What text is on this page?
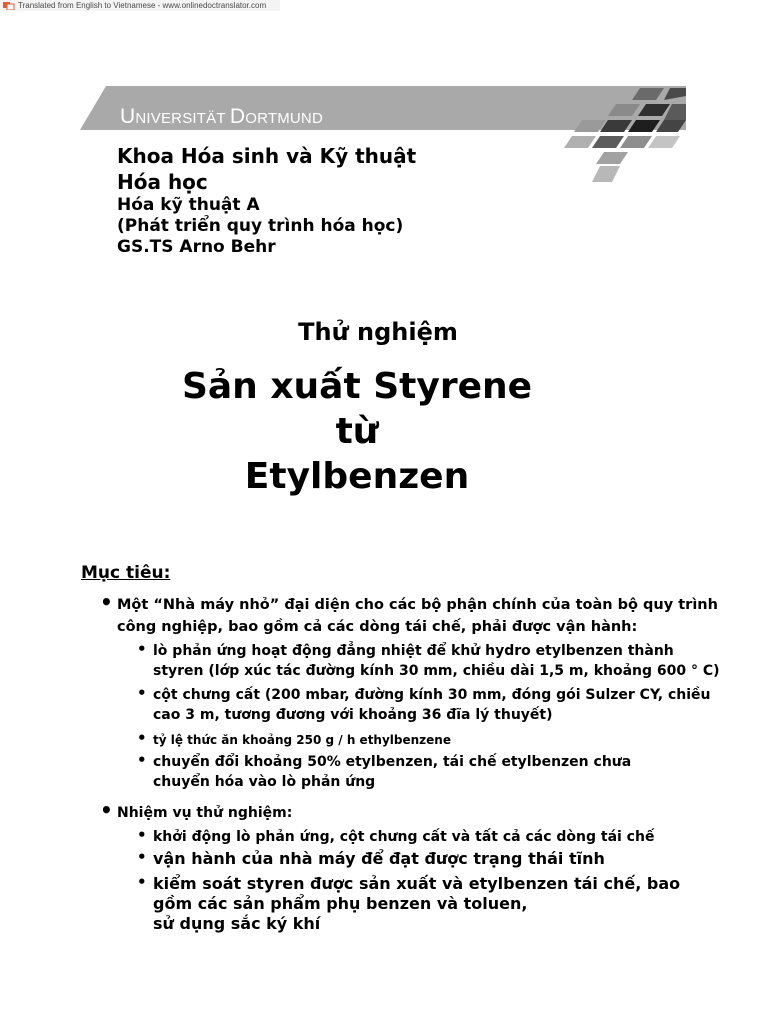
Translated from English to Vietnamese - www.onlinedoctranslator.com
UNIVERSITÄT DORTMUND
Khoa Hóa sinh và Kỹ thuật
Hóa học
Hóa kỹ thuật A
(Phát triển quy trình hóa học)
GS.TS Arno Behr
Thử nghiệm
Sản xuất Styrene
từ
Etylbenzen
Mục tiêu:
• Một “Nhà máy nhỏ” đại diện cho các bộ phận chính của toàn bộ quy trình
công nghiệp, bao gồm cả các dòng tái chế, phải được vận hành:
• lò phản ứng hoạt động đẳng nhiệt để khử hydro etylbenzen thành
styren (lớp xúc tác đường kính 30 mm, chiều dài 1,5 m, khoảng 600 ° C)
• cột chưng cất (200 mbar, đường kính 30 mm, đóng gói Sulzer CY, chiều
cao 3 m, tương đương với khoảng 36 đĩa lý thuyết)
• tỷ lệ thức ăn khoảng 250 g / h ethylbenzene
• chuyển đổi khoảng 50% etylbenzen, tái chế etylbenzen chưa
chuyển hóa vào lò phản ứng
• Nhiệm vụ thử nghiệm:
• khởi động lò phản ứng, cột chưng cất và tất cả các dòng tái chế
• vận hành của nhà máy để đạt được trạng thái tĩnh
• kiểm soát styren được sản xuất và etylbenzen tái chế, bao
gồm các sản phẩm phụ benzen và toluen,
sử dụng sắc ký khí
